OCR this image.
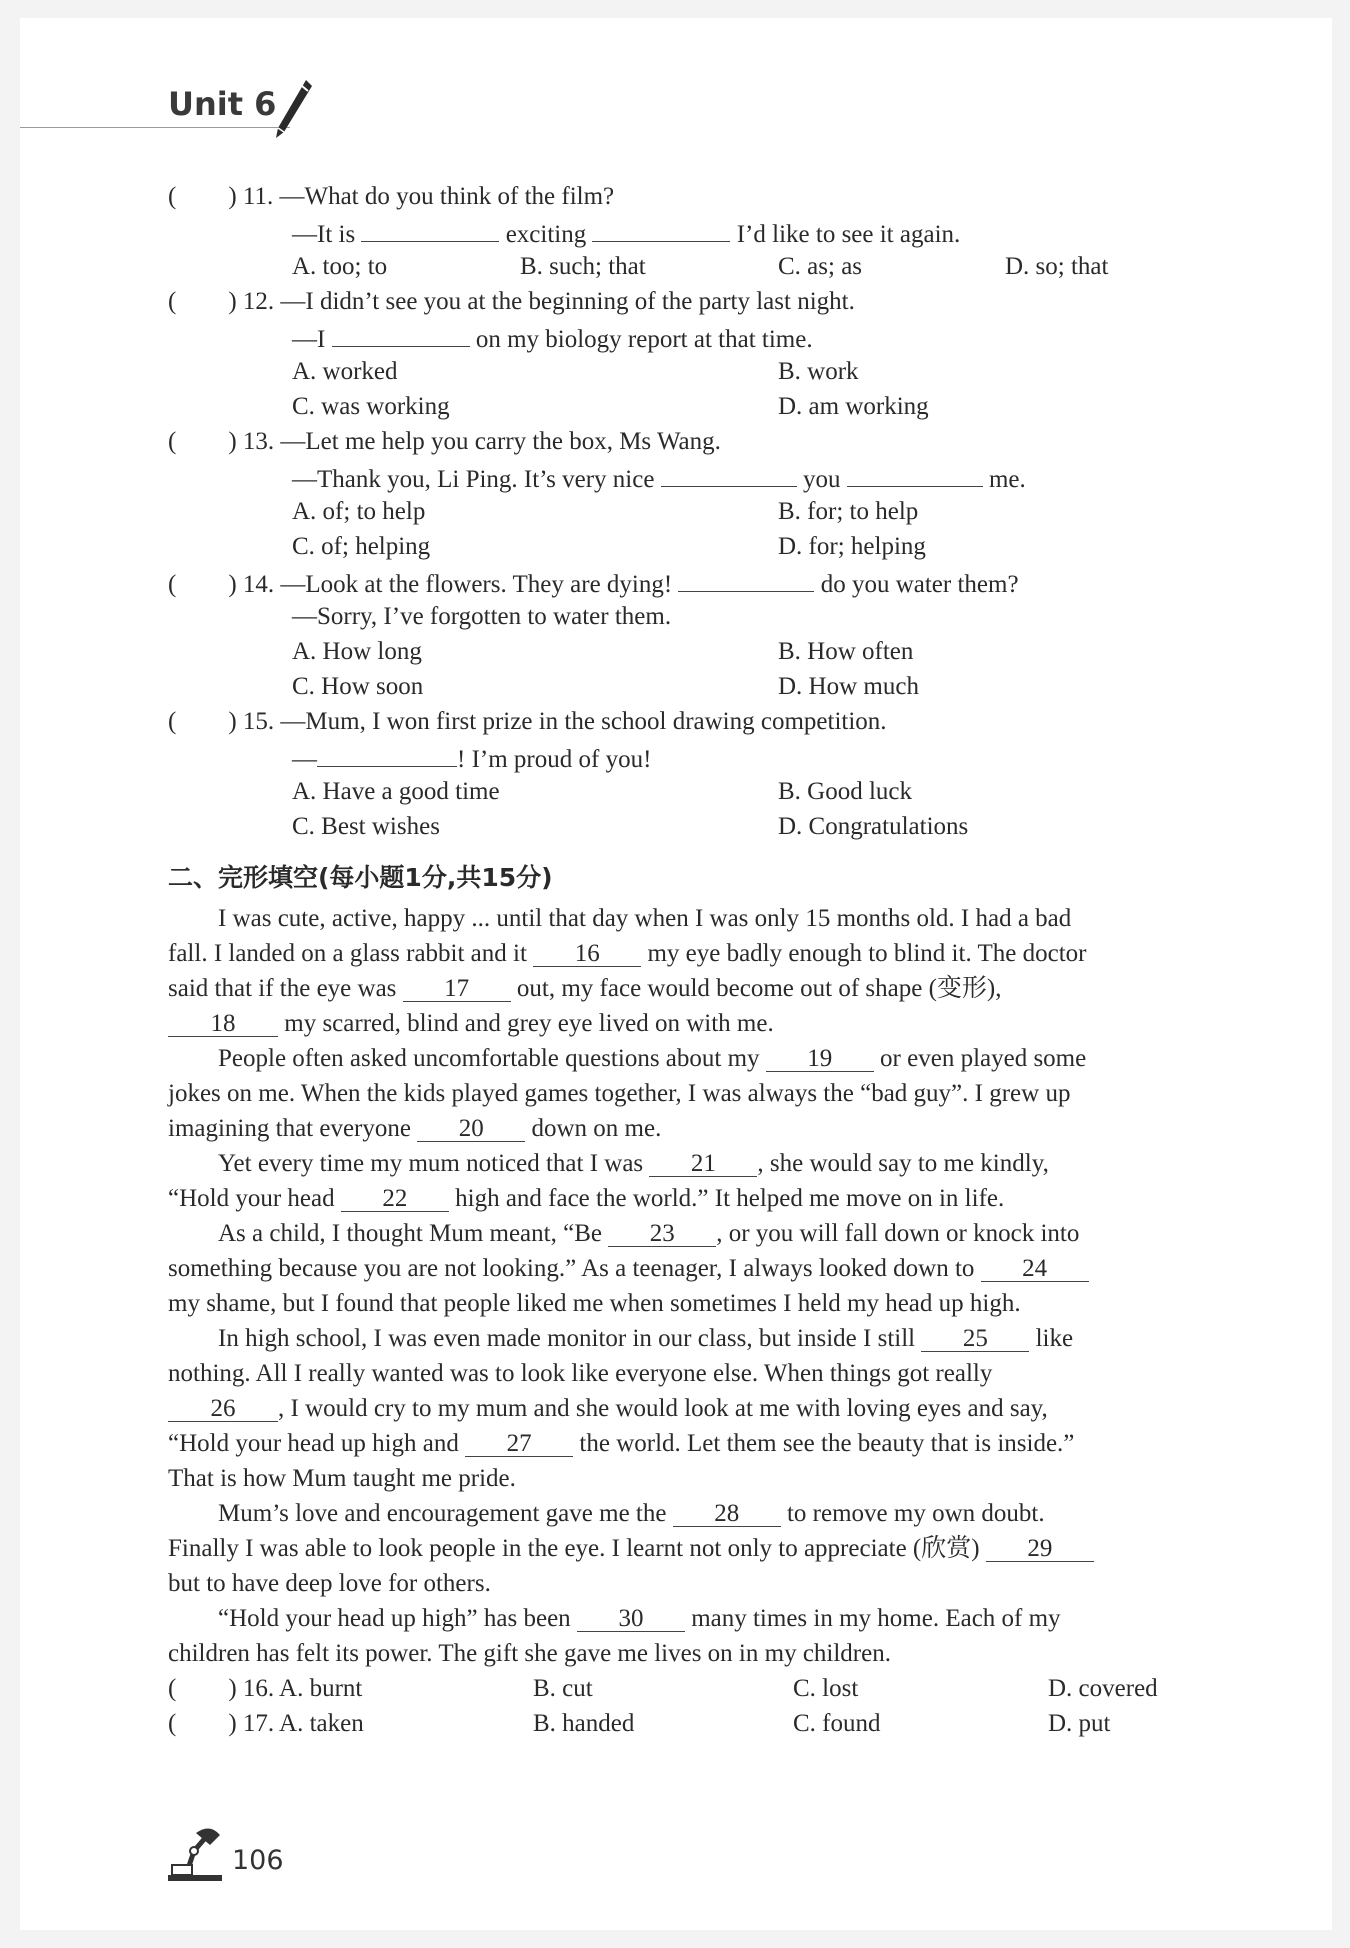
Unit 6
( ) 11. —What do you think of the film?
—It is	exciting	I’d like to see it again.
A. too; to	B. such; that	C. as; as	D. so; that
( ) 12. —I didn’t see you at the beginning of the party last night.
—I	on my biology report at that time.
A. worked	B. work
C. was working	D. am working
( ) 13. —Let me help you carry the box, Ms Wang.
—Thank you, Li Ping. It’s very nice	you	me.
A. of; to help	B. for; to help
C. of; helping	D. for; helping
( ) 14. —Look at the flowers. They are dying!	do you water them?
—Sorry, I’ve forgotten to water them.
A. How long	B. How often
C. How soon	D. How much
( ) 15. —Mum, I won first prize in the school drawing competition.
—	! I’m proud of you!
A. Have a good time	B. Good luck
C. Best wishes	D. Congratulations
二、完形填空(每小题1分,共15分)
I was cute, active, happy ... until that day when I was only 15 months old. I had a bad
fall. I landed on a glass rabbit and it 16 my eye badly enough to blind it. The doctor
said that if the eye was 17 out, my face would become out of shape (变形),
18 my scarred, blind and grey eye lived on with me.
People often asked uncomfortable questions about my 19 or even played some
jokes on me. When the kids played games together, I was always the “bad guy”. I grew up
imagining that everyone 20 down on me.
Yet every time my mum noticed that I was 21 , she would say to me kindly,
“Hold your head 22 high and face the world.” It helped me move on in life.
As a child, I thought Mum meant, “Be 23 , or you will fall down or knock into
something because you are not looking.” As a teenager, I always looked down to 24
my shame, but I found that people liked me when sometimes I held my head up high.
In high school, I was even made monitor in our class, but inside I still 25 like
nothing. All I really wanted was to look like everyone else. When things got really
26 , I would cry to my mum and she would look at me with loving eyes and say,
“Hold your head up high and 27 the world. Let them see the beauty that is inside.”
That is how Mum taught me pride.
Mum’s love and encouragement gave me the 28 to remove my own doubt.
Finally I was able to look people in the eye. I learnt not only to appreciate (欣赏) 29
but to have deep love for others.
“Hold your head up high” has been 30 many times in my home. Each of my
children has felt its power. The gift she gave me lives on in my children.
( ) 16. A. burnt	B. cut	C. lost	D. covered
( ) 17. A. taken	B. handed	C. found	D. put
106
